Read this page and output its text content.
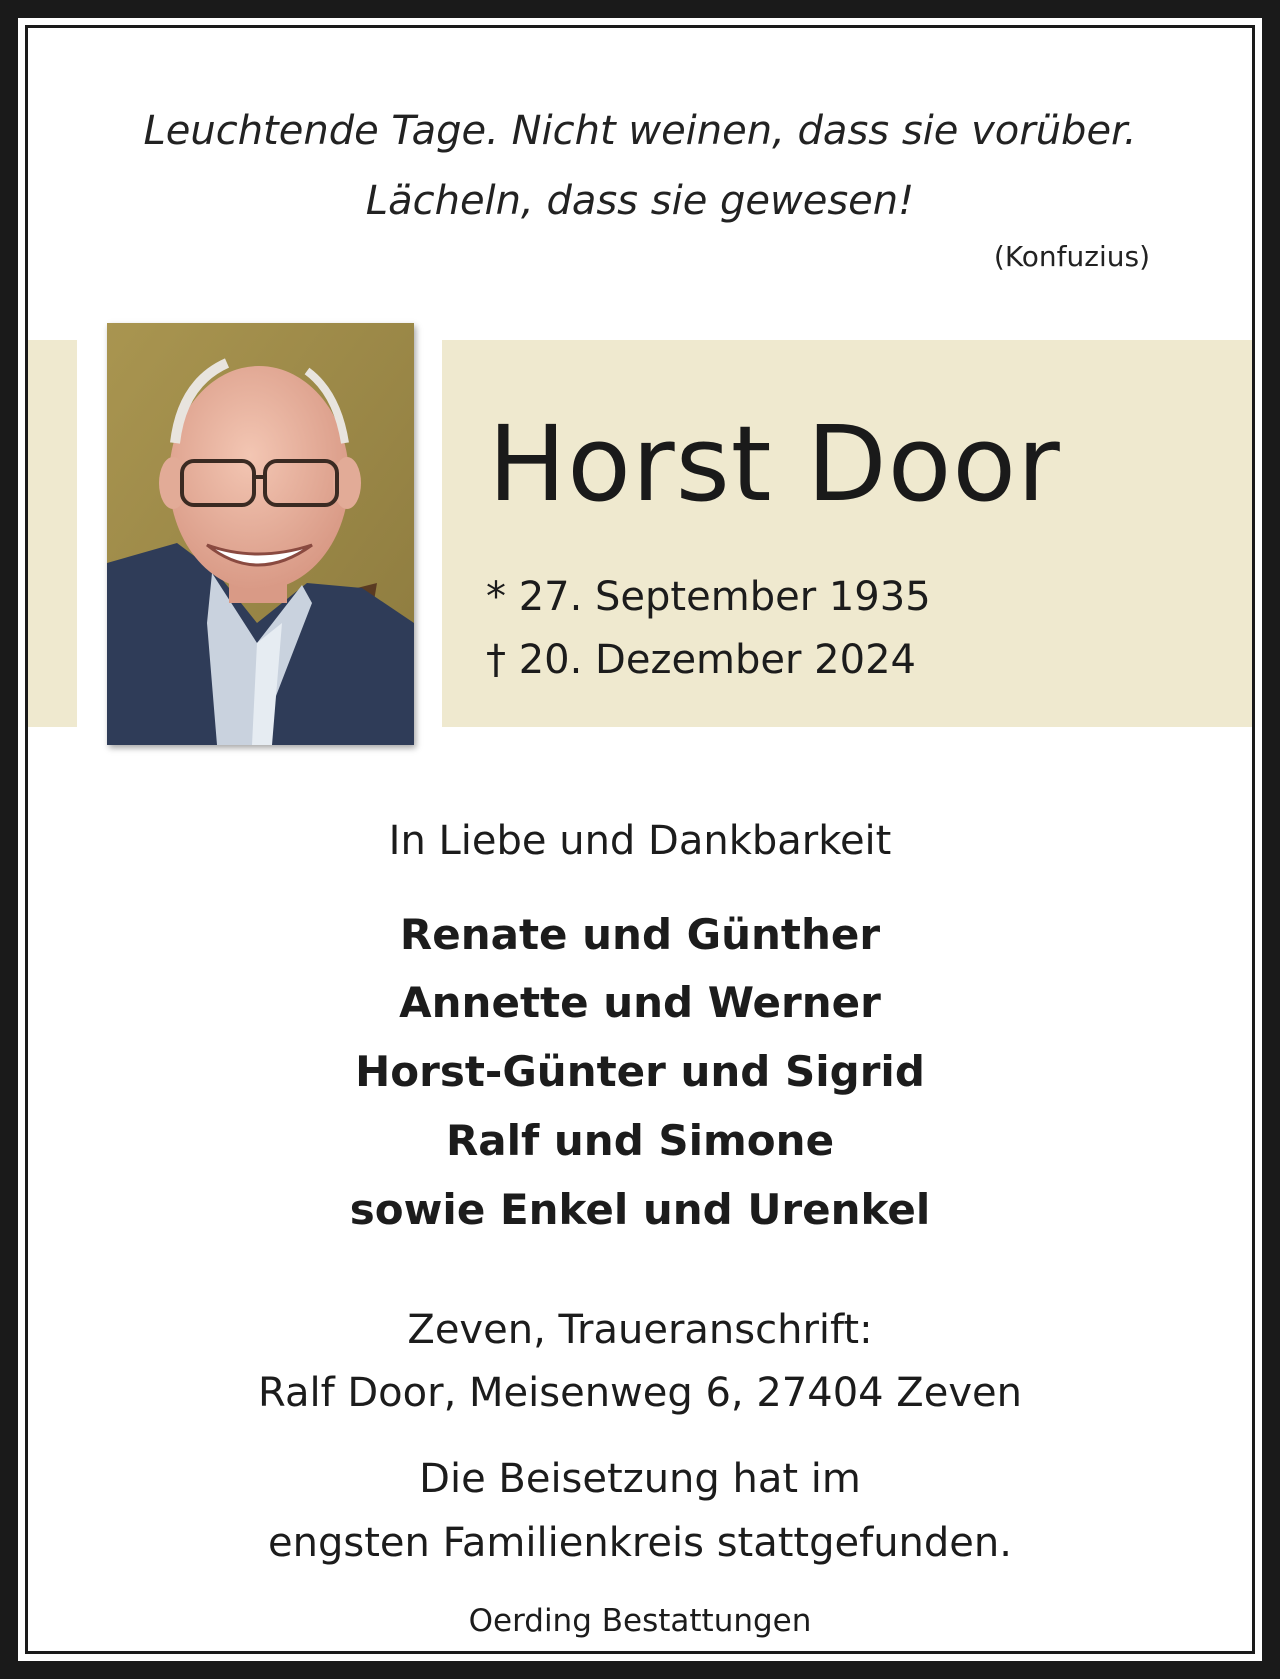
Leuchtende Tage. Nicht weinen, dass sie vorüber.
Lächeln, dass sie gewesen!
(Konfuzius)
Horst Door
* 27. September 1935
† 20. Dezember 2024
In Liebe und Dankbarkeit
Renate und Günther
Annette und Werner
Horst-Günter und Sigrid
Ralf und Simone
sowie Enkel und Urenkel
Zeven, Traueranschrift:
Ralf Door, Meisenweg 6, 27404 Zeven
Die Beisetzung hat im
engsten Familienkreis stattgefunden.
Oerding Bestattungen
